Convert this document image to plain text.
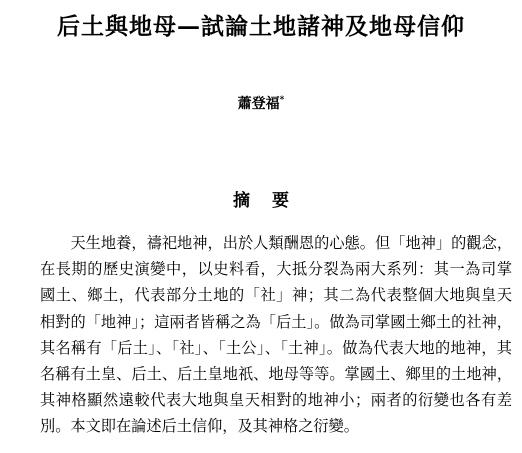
后土與地母—試論土地諸神及地母信仰
蕭登福*
摘要
　　天生地養，禱祀地神，出於人類酬恩的心態。但「地神」的觀念，
在長期的歷史演變中，以史料看，大抵分裂為兩大系列：其一為司掌
國土、鄉土，代表部分土地的「社」神；其二為代表整個大地與皇天
相對的「地神」；這兩者皆稱之為「后土」。做為司掌國土鄉土的社神，
其名稱有「后土」、「社」、「土公」、「土神」。做為代表大地的地神，其
名稱有土皇、后土、后土皇地祇、地母等等。掌國土、鄉里的土地神，
其神格顯然遠較代表大地與皇天相對的地神小；兩者的衍變也各有差
別。本文即在論述后土信仰，及其神格之衍變。
